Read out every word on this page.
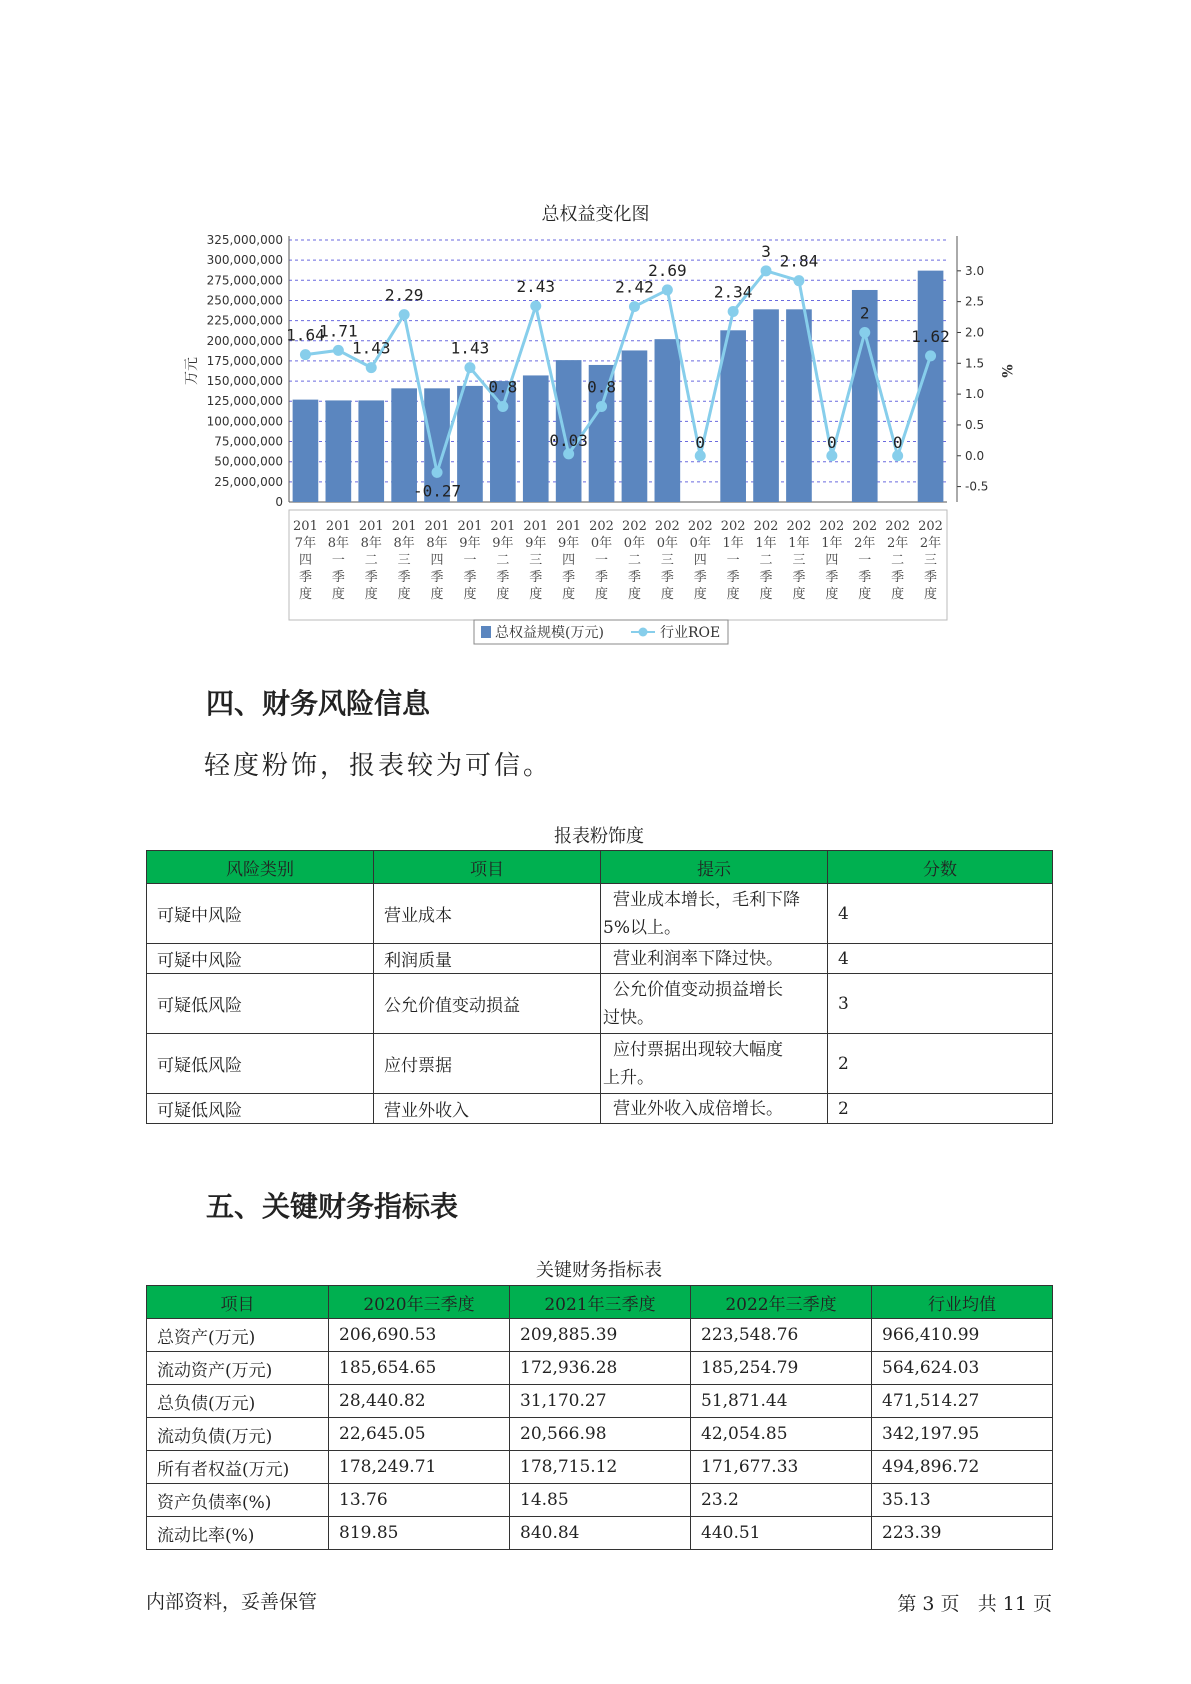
总权益变化图
325,000,000
300,000,000
275,000,000
250,000,000
225,000,000
200,000,000
175,000,000
150,000,000
125,000,000
100,000,000
75,000,000
50,000,000
25,000,000
0
3.0
2.5
2.0
1.5
1.0
0.5
0.0
-0.5
万元	%
1.64
1.71
1.43
2.29
-0.27
1.43
0.8
2.43
0.03
0.8
2.42
2.69
0
2.34
3
2.84
0
2
0
1.62
201
7年
四
季
度
201
8年
一
季
度
201
8年
二
季
度
201
8年
三
季
度
201
8年
四
季
度
201
9年
一
季
度
201
9年
二
季
度
201
9年
三
季
度
201
9年
四
季
度
202
0年
一
季
度
202
0年
二
季
度
202
0年
三
季
度
202
0年
四
季
度
202
1年
一
季
度
202
1年
二
季
度
202
1年
三
季
度
202
1年
四
季
度
202
2年
一
季
度
202
2年
二
季
度
202
2年
三
季
度
总权益规模(万元)	行业ROE
四、财务风险信息
轻度粉饰，报表较为可信。
报表粉饰度
风险类别	项目	提示	分数
可疑中风险	营业成本	营业成本增长，毛利下降
5%以上。	4
可疑中风险	利润质量	营业利润率下降过快。	4
可疑低风险	公允价值变动损益	公允价值变动损益增长
过快。	3
可疑低风险	应付票据	应付票据出现较大幅度
上升。	2
可疑低风险	营业外收入	营业外收入成倍增长。	2
五、关键财务指标表
关键财务指标表
项目	2020年三季度	2021年三季度	2022年三季度	行业均值
总资产(万元)	206,690.53	209,885.39	223,548.76	966,410.99
流动资产(万元)	185,654.65	172,936.28	185,254.79	564,624.03
总负债(万元)	28,440.82	31,170.27	51,871.44	471,514.27
流动负债(万元)	22,645.05	20,566.98	42,054.85	342,197.95
所有者权益(万元)	178,249.71	178,715.12	171,677.33	494,896.72
资产负债率(%)	13.76	14.85	23.2	35.13
流动比率(%)	819.85	840.84	440.51	223.39
内部资料，妥善保管	第 3 页 共 11 页
